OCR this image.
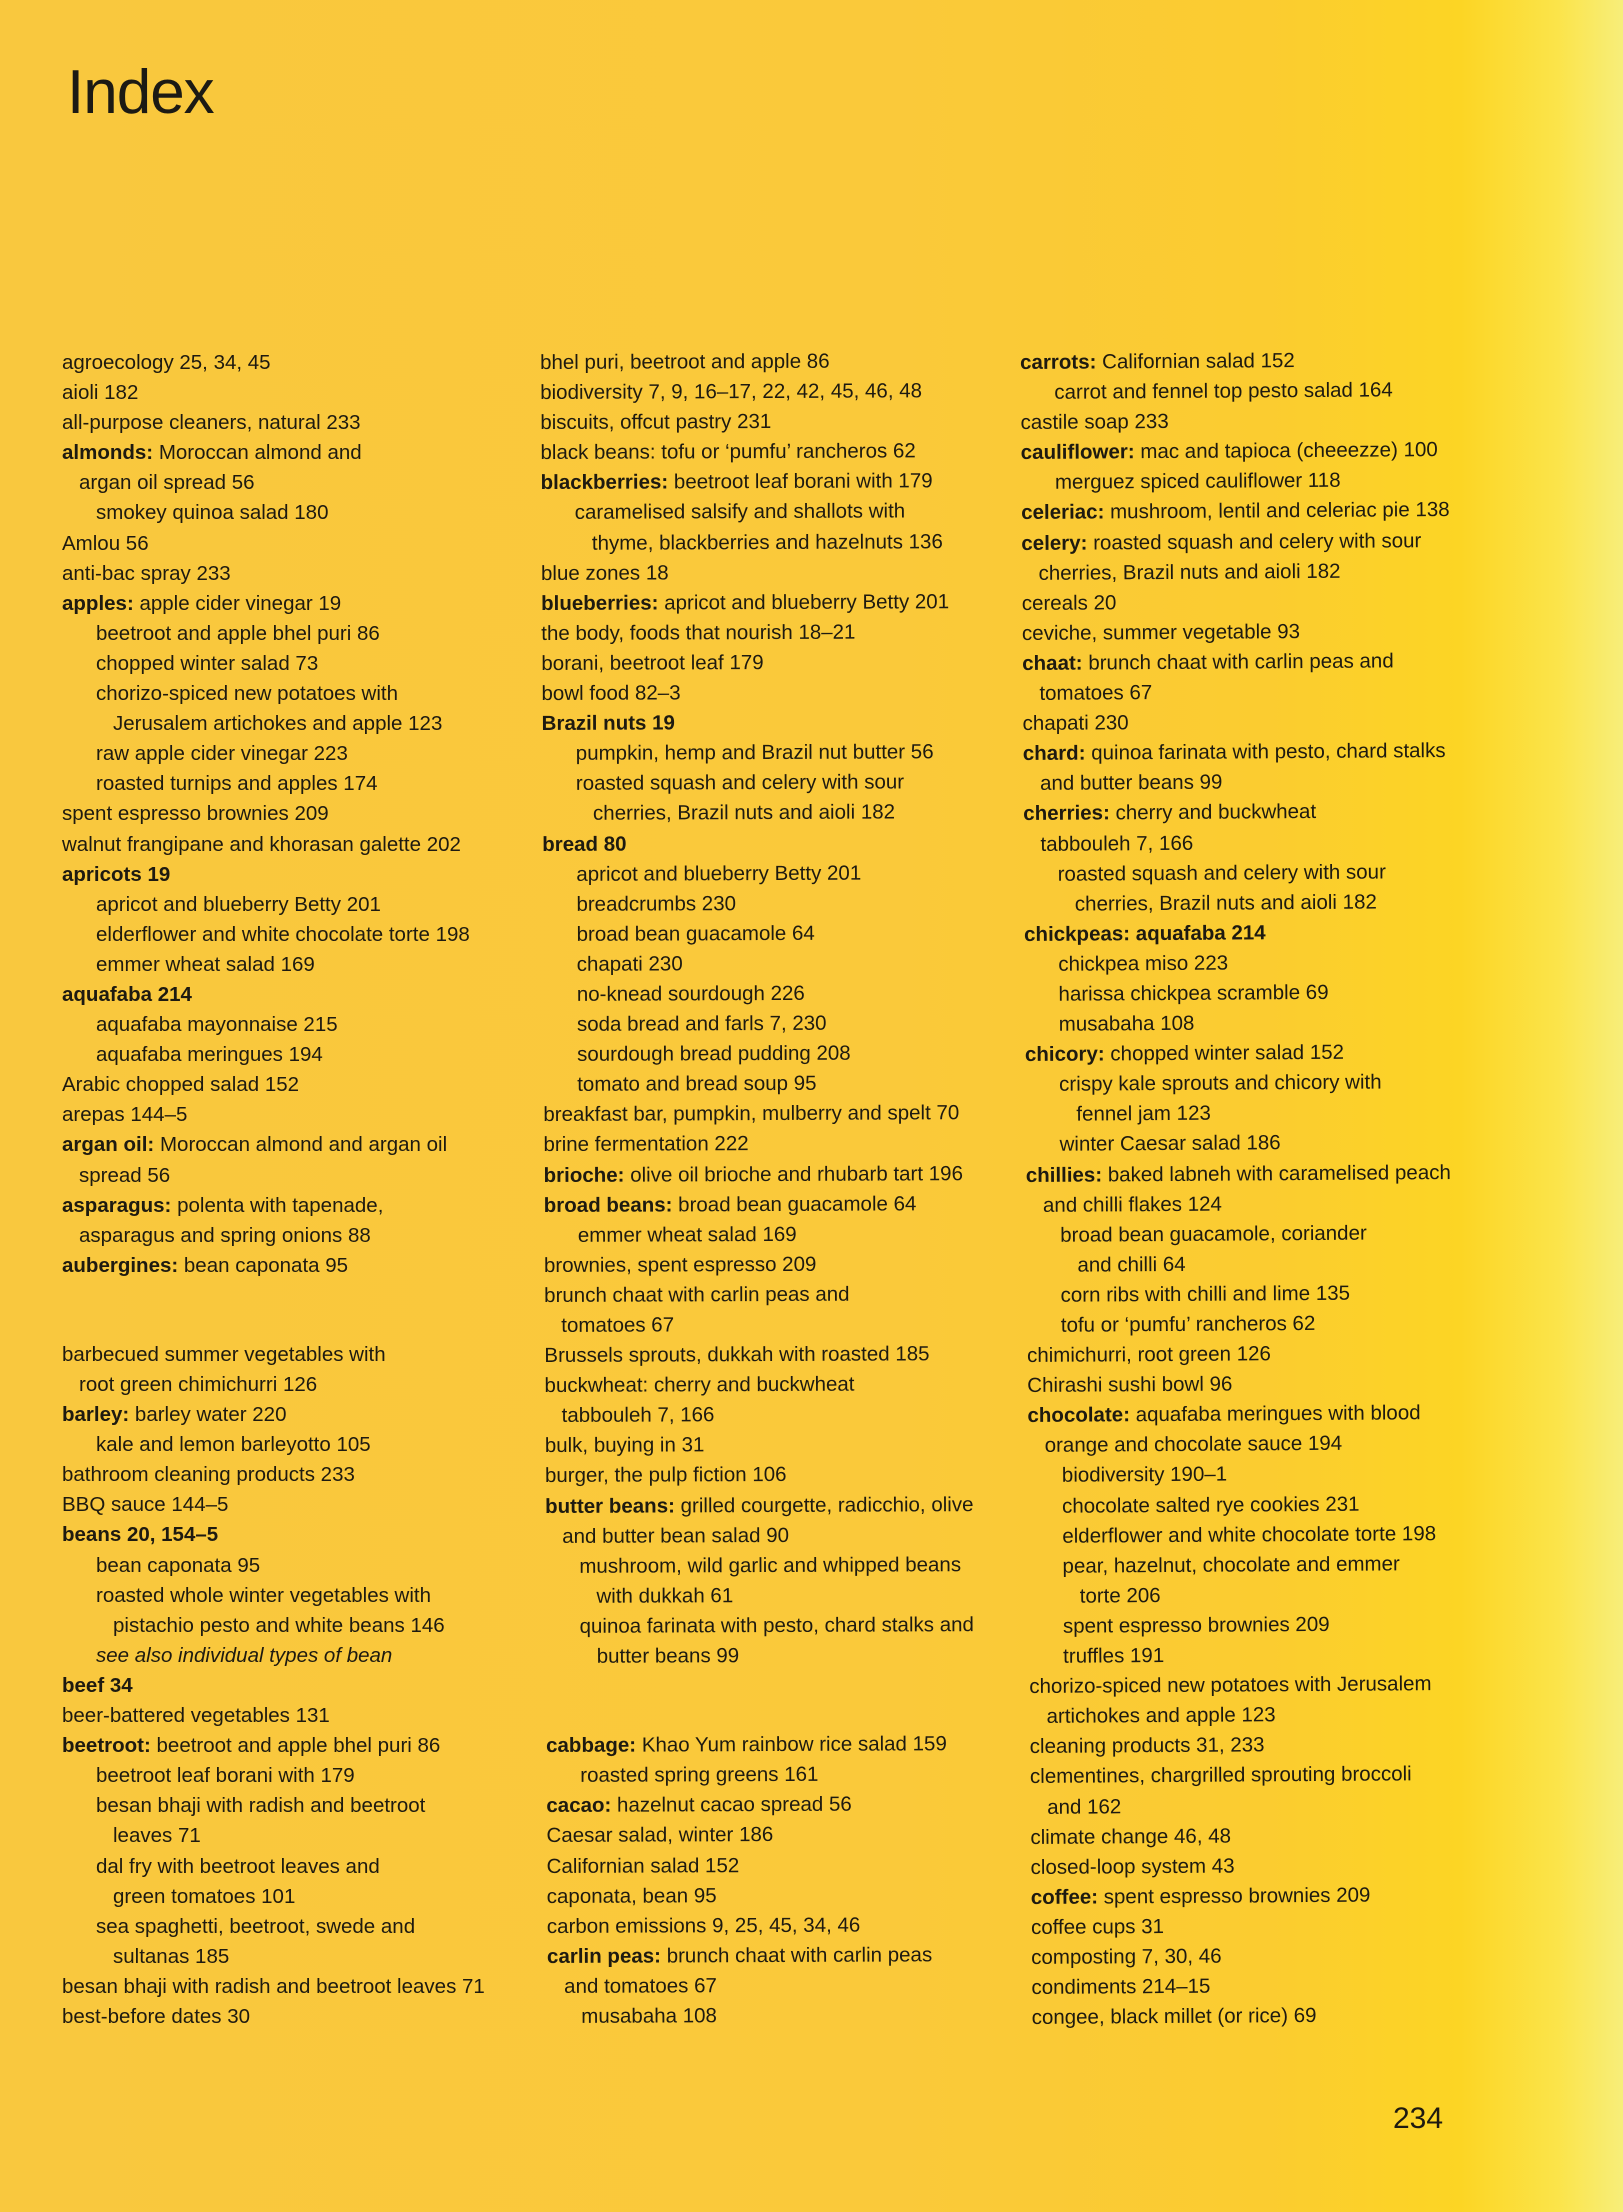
Index
agroecology 25, 34, 45
aioli 182
all-purpose cleaners, natural 233
almonds: Moroccan almond and
argan oil spread 56
smokey quinoa salad 180
Amlou 56
anti-bac spray 233
apples: apple cider vinegar 19
beetroot and apple bhel puri 86
chopped winter salad 73
chorizo-spiced new potatoes with
Jerusalem artichokes and apple 123
raw apple cider vinegar 223
roasted turnips and apples 174
spent espresso brownies 209
walnut frangipane and khorasan galette 202
apricots 19
apricot and blueberry Betty 201
elderflower and white chocolate torte 198
emmer wheat salad 169
aquafaba 214
aquafaba mayonnaise 215
aquafaba meringues 194
Arabic chopped salad 152
arepas 144–5
argan oil: Moroccan almond and argan oil
spread 56
asparagus: polenta with tapenade,
asparagus and spring onions 88
aubergines: bean caponata 95
barbecued summer vegetables with
root green chimichurri 126
barley: barley water 220
kale and lemon barleyotto 105
bathroom cleaning products 233
BBQ sauce 144–5
beans 20, 154–5
bean caponata 95
roasted whole winter vegetables with
pistachio pesto and white beans 146
see also individual types of bean
beef 34
beer-battered vegetables 131
beetroot: beetroot and apple bhel puri 86
beetroot leaf borani with 179
besan bhaji with radish and beetroot
leaves 71
dal fry with beetroot leaves and
green tomatoes 101
sea spaghetti, beetroot, swede and
sultanas 185
besan bhaji with radish and beetroot leaves 71
best-before dates 30
bhel puri, beetroot and apple 86
biodiversity 7, 9, 16–17, 22, 42, 45, 46, 48
biscuits, offcut pastry 231
black beans: tofu or ‘pumfu’ rancheros 62
blackberries: beetroot leaf borani with 179
caramelised salsify and shallots with
thyme, blackberries and hazelnuts 136
blue zones 18
blueberries: apricot and blueberry Betty 201
the body, foods that nourish 18–21
borani, beetroot leaf 179
bowl food 82–3
Brazil nuts 19
pumpkin, hemp and Brazil nut butter 56
roasted squash and celery with sour
cherries, Brazil nuts and aioli 182
bread 80
apricot and blueberry Betty 201
breadcrumbs 230
broad bean guacamole 64
chapati 230
no-knead sourdough 226
soda bread and farls 7, 230
sourdough bread pudding 208
tomato and bread soup 95
breakfast bar, pumpkin, mulberry and spelt 70
brine fermentation 222
brioche: olive oil brioche and rhubarb tart 196
broad beans: broad bean guacamole 64
emmer wheat salad 169
brownies, spent espresso 209
brunch chaat with carlin peas and
tomatoes 67
Brussels sprouts, dukkah with roasted 185
buckwheat: cherry and buckwheat
tabbouleh 7, 166
bulk, buying in 31
burger, the pulp fiction 106
butter beans: grilled courgette, radicchio, olive
and butter bean salad 90
mushroom, wild garlic and whipped beans
with dukkah 61
quinoa farinata with pesto, chard stalks and
butter beans 99
cabbage: Khao Yum rainbow rice salad 159
roasted spring greens 161
cacao: hazelnut cacao spread 56
Caesar salad, winter 186
Californian salad 152
caponata, bean 95
carbon emissions 9, 25, 45, 34, 46
carlin peas: brunch chaat with carlin peas
and tomatoes 67
musabaha 108
carrots: Californian salad 152
carrot and fennel top pesto salad 164
castile soap 233
cauliflower: mac and tapioca (cheeezze) 100
merguez spiced cauliflower 118
celeriac: mushroom, lentil and celeriac pie 138
celery: roasted squash and celery with sour
cherries, Brazil nuts and aioli 182
cereals 20
ceviche, summer vegetable 93
chaat: brunch chaat with carlin peas and
tomatoes 67
chapati 230
chard: quinoa farinata with pesto, chard stalks
and butter beans 99
cherries: cherry and buckwheat
tabbouleh 7, 166
roasted squash and celery with sour
cherries, Brazil nuts and aioli 182
chickpeas: aquafaba 214
chickpea miso 223
harissa chickpea scramble 69
musabaha 108
chicory: chopped winter salad 152
crispy kale sprouts and chicory with
fennel jam 123
winter Caesar salad 186
chillies: baked labneh with caramelised peach
and chilli flakes 124
broad bean guacamole, coriander
and chilli 64
corn ribs with chilli and lime 135
tofu or ‘pumfu’ rancheros 62
chimichurri, root green 126
Chirashi sushi bowl 96
chocolate: aquafaba meringues with blood
orange and chocolate sauce 194
biodiversity 190–1
chocolate salted rye cookies 231
elderflower and white chocolate torte 198
pear, hazelnut, chocolate and emmer
torte 206
spent espresso brownies 209
truffles 191
chorizo-spiced new potatoes with Jerusalem
artichokes and apple 123
cleaning products 31, 233
clementines, chargrilled sprouting broccoli
and 162
climate change 46, 48
closed-loop system 43
coffee: spent espresso brownies 209
coffee cups 31
composting 7, 30, 46
condiments 214–15
congee, black millet (or rice) 69
234
